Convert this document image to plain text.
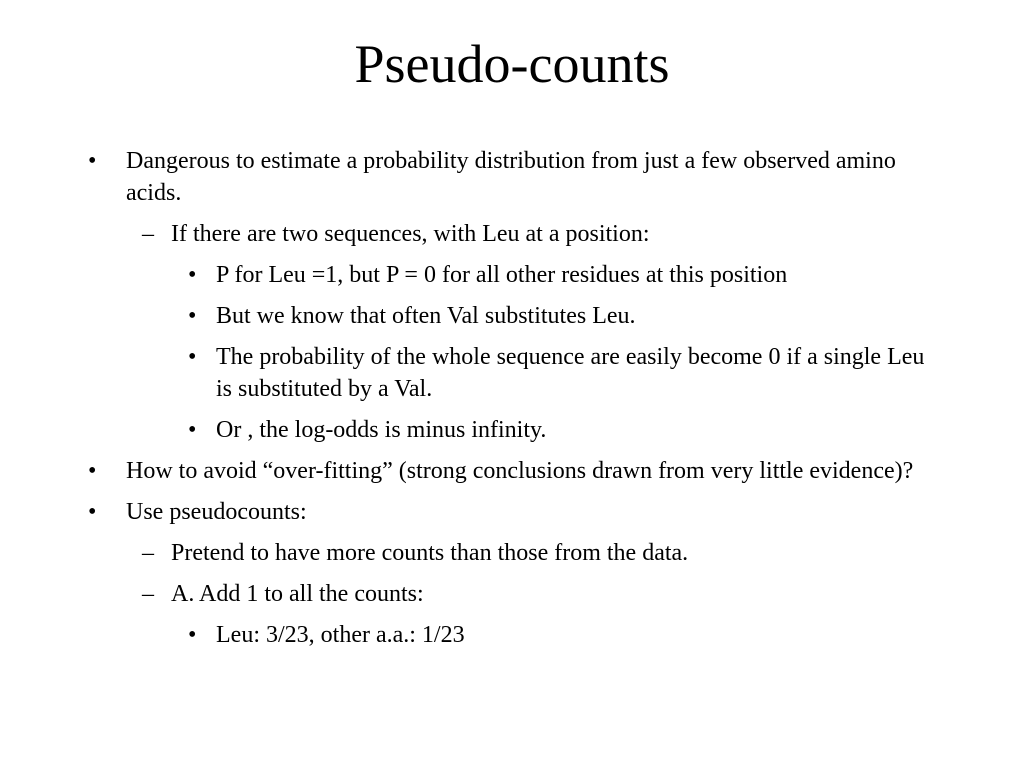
Pseudo-counts
• Dangerous to estimate a probability distribution from just a few observed amino acids.
– If there are two sequences, with Leu at a position:
• P for Leu =1, but P = 0 for all other residues at this position
• But we know that often Val substitutes Leu.
• The probability of the whole sequence are easily become 0 if a single Leu is substituted by a Val.
• Or , the log-odds is minus infinity.
• How to avoid “over-fitting” (strong conclusions drawn from very little evidence)?
• Use pseudocounts:
– Pretend to have more counts than those from the data.
– A. Add 1 to all the counts:
• Leu: 3/23, other a.a.: 1/23
